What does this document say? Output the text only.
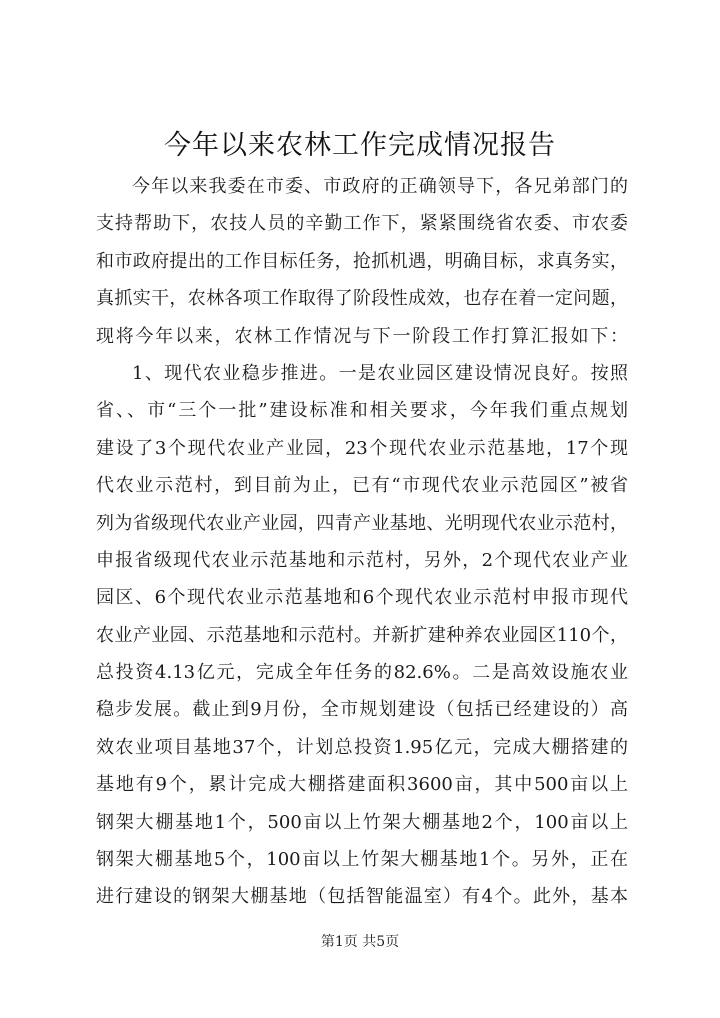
今年以来农林工作完成情况报告
今年以来我委在市委、市政府的正确领导下，各兄弟部门的
支持帮助下，农技人员的辛勤工作下，紧紧围绕省农委、市农委
和市政府提出的工作目标任务，抢抓机遇，明确目标，求真务实，
真抓实干，农林各项工作取得了阶段性成效，也存在着一定问题，
现将今年以来，农林工作情况与下一阶段工作打算汇报如下：
1、现代农业稳步推进。一是农业园区建设情况良好。按照
省、、市“三个一批”建设标准和相关要求，今年我们重点规划
建设了3个现代农业产业园，23个现代农业示范基地，17个现
代农业示范村，到目前为止，已有“市现代农业示范园区”被省
列为省级现代农业产业园，四青产业基地、光明现代农业示范村，
申报省级现代农业示范基地和示范村，另外，2个现代农业产业
园区、6个现代农业示范基地和6个现代农业示范村申报市现代
农业产业园、示范基地和示范村。并新扩建种养农业园区110个，
总投资4.13亿元，完成全年任务的82.6%。二是高效设施农业
稳步发展。截止到9月份，全市规划建设（包括已经建设的）高
效农业项目基地37个，计划总投资1.95亿元，完成大棚搭建的
基地有9个，累计完成大棚搭建面积3600亩，其中500亩以上
钢架大棚基地1个，500亩以上竹架大棚基地2个，100亩以上
钢架大棚基地5个，100亩以上竹架大棚基地1个。另外，正在
进行建设的钢架大棚基地（包括智能温室）有4个。此外，基本
第1页 共5页
